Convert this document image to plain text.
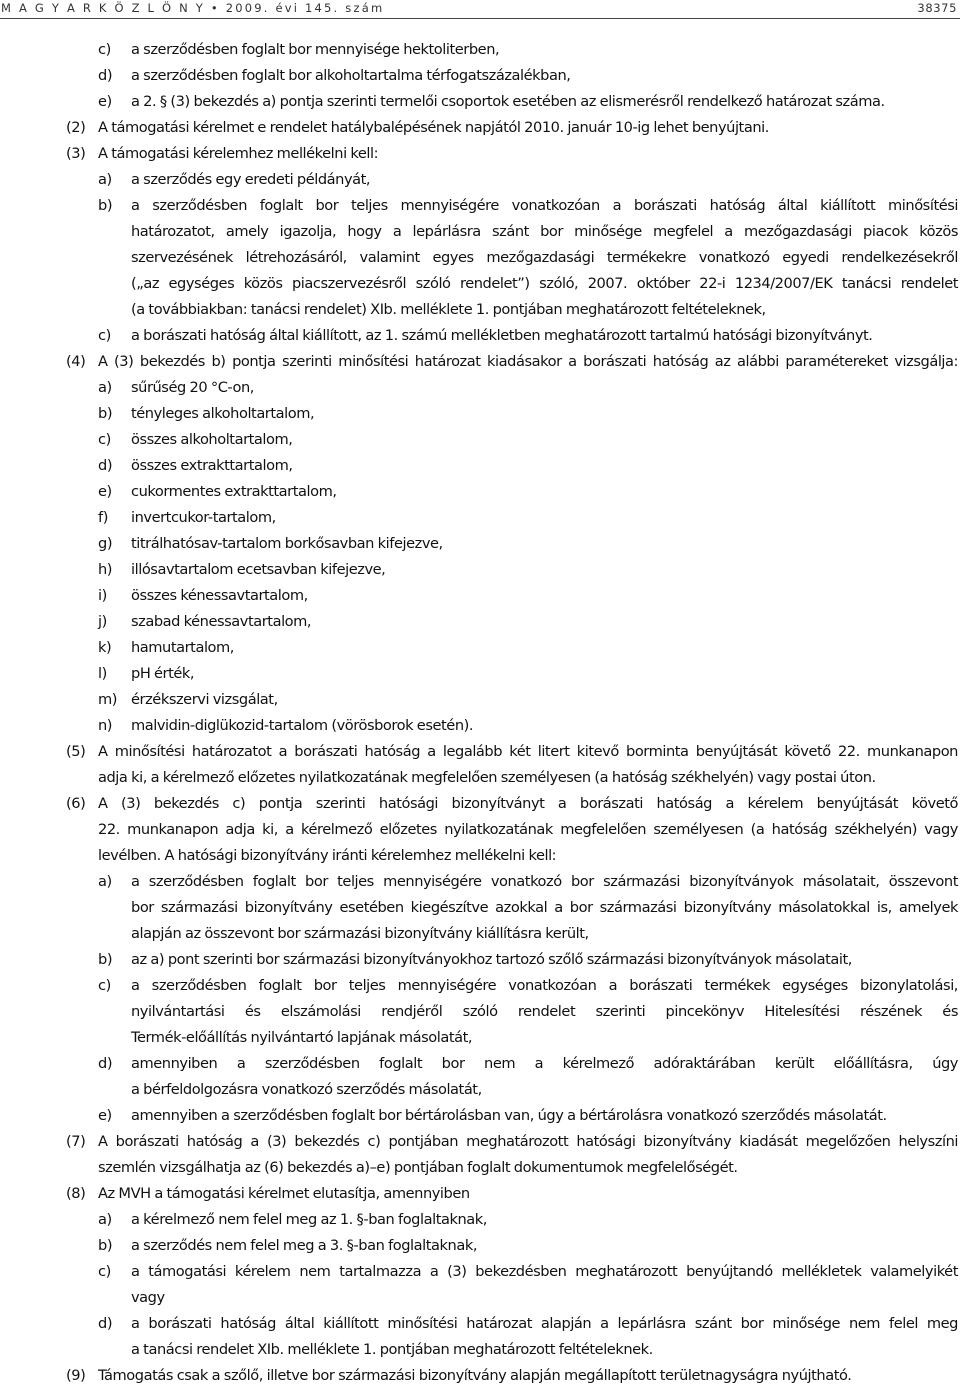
M A G Y A R K Ö Z L Ö N Y • 2009. évi 145. szám	38375
c) a szerződésben foglalt bor mennyisége hektoliterben,
d) a szerződésben foglalt bor alkoholtartalma térfogatszázalékban,
e) a 2. § (3) bekezdés a) pontja szerinti termelői csoportok esetében az elismerésről rendelkező határozat száma.
(2) A támogatási kérelmet e rendelet hatálybalépésének napjától 2010. január 10-ig lehet benyújtani.
(3) A támogatási kérelemhez mellékelni kell:
a) a szerződés egy eredeti példányát,
b) a szerződésben foglalt bor teljes mennyiségére vonatkozóan a borászati hatóság által kiállított minősítési
határozatot, amely igazolja, hogy a lepárlásra szánt bor minősége megfelel a mezőgazdasági piacok közös
szervezésének létrehozásáról, valamint egyes mezőgazdasági termékekre vonatkozó egyedi rendelkezésekről
(„az egységes közös piacszervezésről szóló rendelet”) szóló, 2007. október 22-i 1234/2007/EK tanácsi rendelet
(a továbbiakban: tanácsi rendelet) XIb. melléklete 1. pontjában meghatározott feltételeknek,
c) a borászati hatóság által kiállított, az 1. számú mellékletben meghatározott tartalmú hatósági bizonyítványt.
(4) A (3) bekezdés b) pontja szerinti minősítési határozat kiadásakor a borászati hatóság az alábbi paramétereket vizsgálja:
a) sűrűség 20 °C-on,
b) tényleges alkoholtartalom,
c) összes alkoholtartalom,
d) összes extrakttartalom,
e) cukormentes extrakttartalom,
f) invertcukor-tartalom,
g) titrálhatósav-tartalom borkősavban kifejezve,
h) illósavtartalom ecetsavban kifejezve,
i) összes kénessavtartalom,
j) szabad kénessavtartalom,
k) hamutartalom,
l) pH érték,
m) érzékszervi vizsgálat,
n) malvidin-diglükozid-tartalom (vörösborok esetén).
(5) A minősítési határozatot a borászati hatóság a legalább két litert kitevő borminta benyújtását követő 22. munkanapon
adja ki, a kérelmező előzetes nyilatkozatának megfelelően személyesen (a hatóság székhelyén) vagy postai úton.
(6) A (3) bekezdés c) pontja szerinti hatósági bizonyítványt a borászati hatóság a kérelem benyújtását követő
22. munkanapon adja ki, a kérelmező előzetes nyilatkozatának megfelelően személyesen (a hatóság székhelyén) vagy
levélben. A hatósági bizonyítvány iránti kérelemhez mellékelni kell:
a) a szerződésben foglalt bor teljes mennyiségére vonatkozó bor származási bizonyítványok másolatait, összevont
bor származási bizonyítvány esetében kiegészítve azokkal a bor származási bizonyítvány másolatokkal is, amelyek
alapján az összevont bor származási bizonyítvány kiállításra került,
b) az a) pont szerinti bor származási bizonyítványokhoz tartozó szőlő származási bizonyítványok másolatait,
c) a szerződésben foglalt bor teljes mennyiségére vonatkozóan a borászati termékek egységes bizonylatolási,
nyilvántartási és elszámolási rendjéről szóló rendelet szerinti pincekönyv Hitelesítési részének és
Termék-előállítás nyilvántartó lapjának másolatát,
d) amennyiben a szerződésben foglalt bor nem a kérelmező adóraktárában került előállításra, úgy
a bérfeldolgozásra vonatkozó szerződés másolatát,
e) amennyiben a szerződésben foglalt bor bértárolásban van, úgy a bértárolásra vonatkozó szerződés másolatát.
(7) A borászati hatóság a (3) bekezdés c) pontjában meghatározott hatósági bizonyítvány kiadását megelőzően helyszíni
szemlén vizsgálhatja az (6) bekezdés a)–e) pontjában foglalt dokumentumok megfelelőségét.
(8) Az MVH a támogatási kérelmet elutasítja, amennyiben
a) a kérelmező nem felel meg az 1. §-ban foglaltaknak,
b) a szerződés nem felel meg a 3. §-ban foglaltaknak,
c) a támogatási kérelem nem tartalmazza a (3) bekezdésben meghatározott benyújtandó mellékletek valamelyikét
vagy
d) a borászati hatóság által kiállított minősítési határozat alapján a lepárlásra szánt bor minősége nem felel meg
a tanácsi rendelet XIb. melléklete 1. pontjában meghatározott feltételeknek.
(9) Támogatás csak a szőlő, illetve bor származási bizonyítvány alapján megállapított területnagyságra nyújtható.
